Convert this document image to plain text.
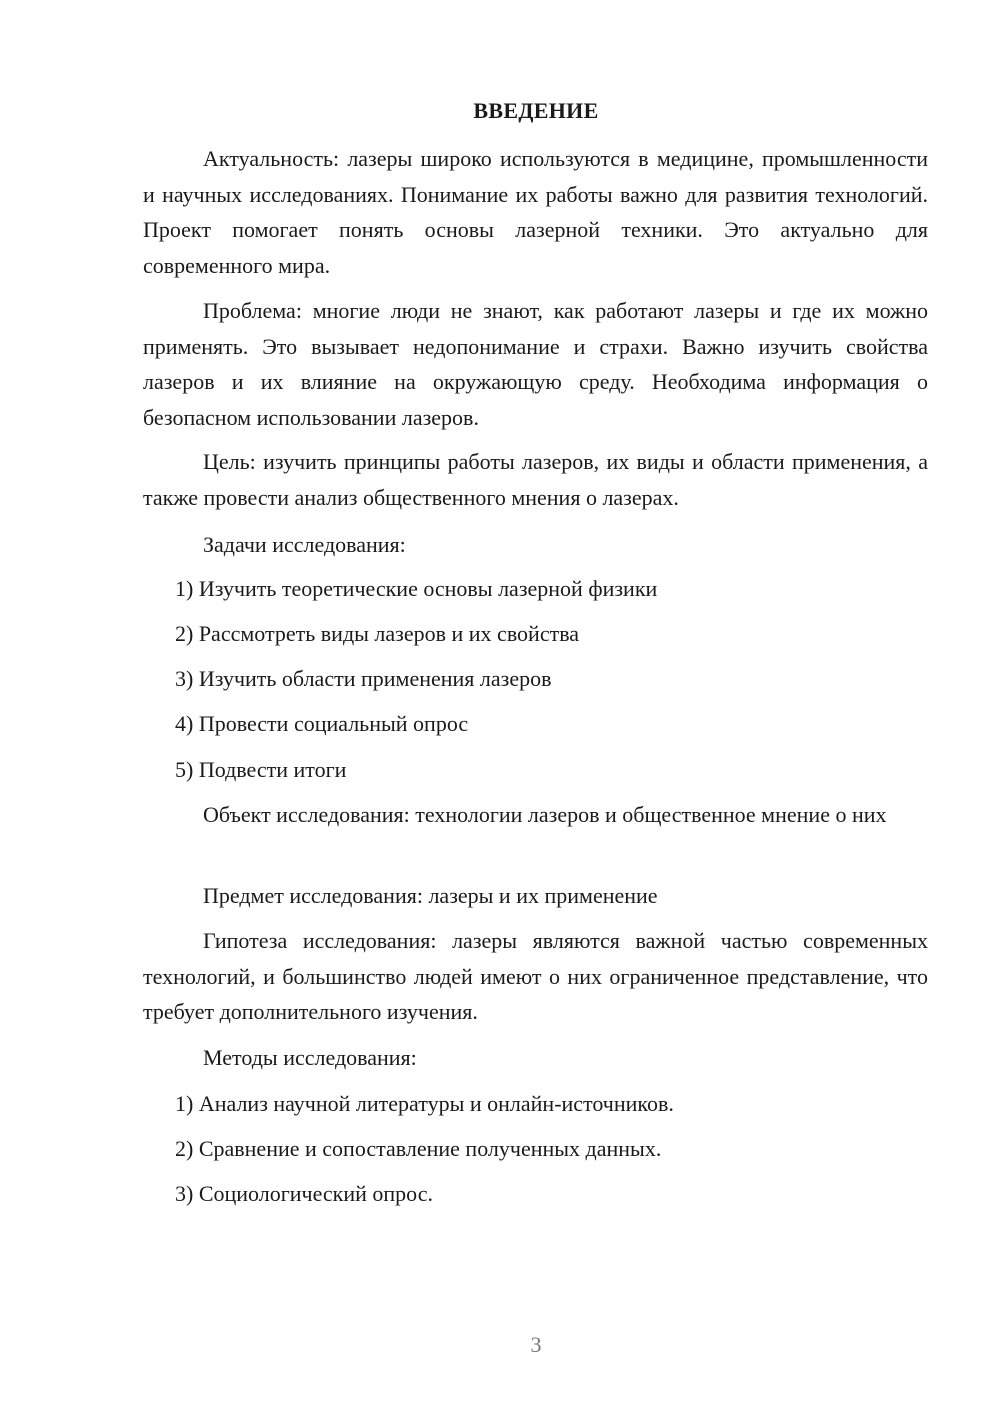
ВВЕДЕНИЕ

Актуальность: лазеры широко используются в медицине, промышленности и научных исследованиях. Понимание их работы важно для развития технологий. Проект помогает понять основы лазерной техники. Это актуально для современного мира.

Проблема: многие люди не знают, как работают лазеры и где их можно применять. Это вызывает недопонимание и страхи. Важно изучить свойства лазеров и их влияние на окружающую среду. Необходима информация о безопасном использовании лазеров.

Цель: изучить принципы работы лазеров, их виды и области применения, а также провести анализ общественного мнения о лазерах.

Задачи исследования:

1) Изучить теоретические основы лазерной физики

2) Рассмотреть виды лазеров и их свойства

3) Изучить области применения лазеров

4) Провести социальный опрос

5) Подвести итоги

Объект исследования: технологии лазеров и общественное мнение о них

Предмет исследования: лазеры и их применение

Гипотеза исследования: лазеры являются важной частью современных технологий, и большинство людей имеют о них ограниченное представление, что требует дополнительного изучения.

Методы исследования:

1) Анализ научной литературы и онлайн-источников.

2) Сравнение и сопоставление полученных данных.

3) Социологический опрос.

3
